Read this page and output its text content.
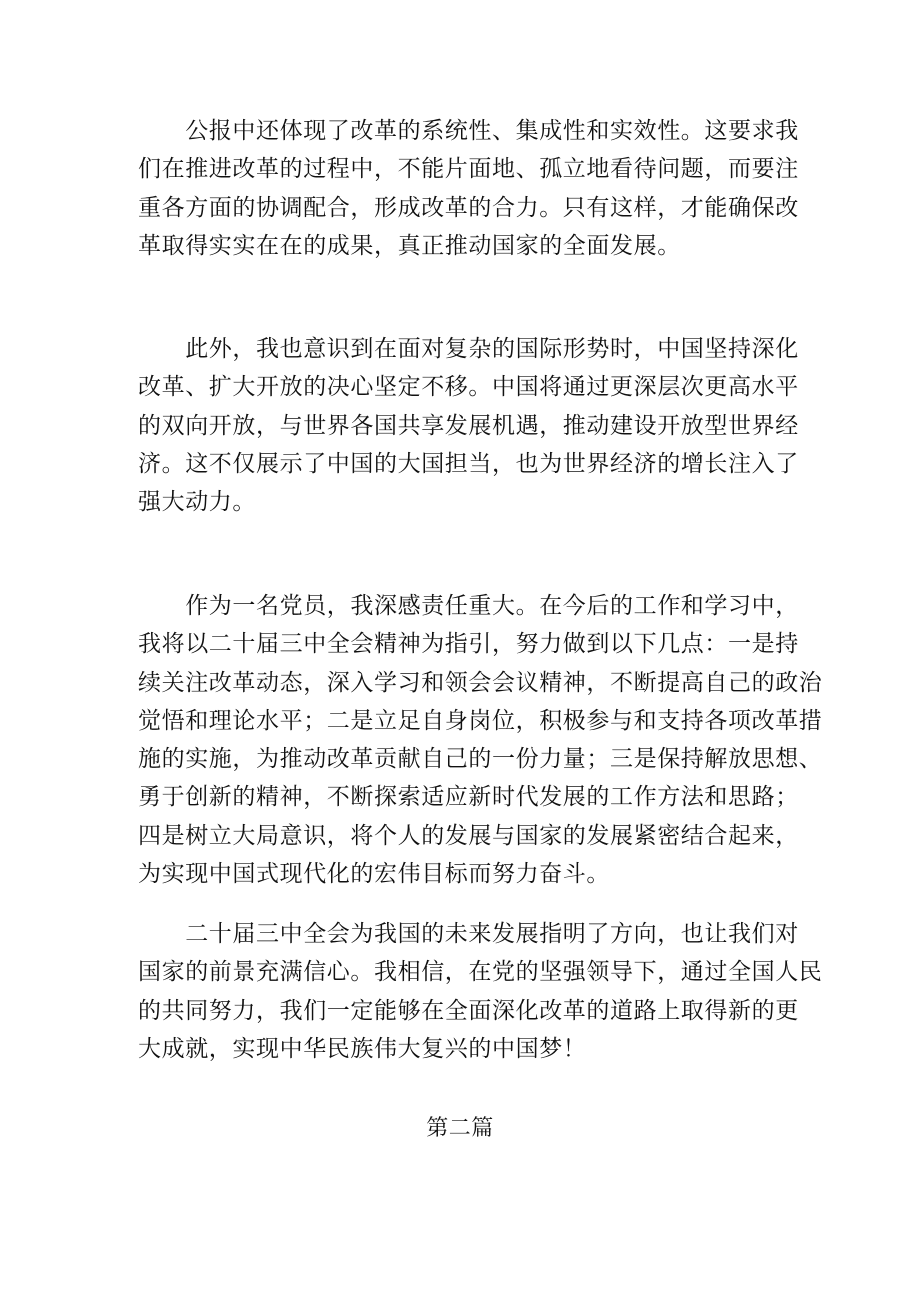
　　公报中还体现了改革的系统性、集成性和实效性。这要求我
们在推进改革的过程中，不能片面地、孤立地看待问题，而要注
重各方面的协调配合，形成改革的合力。只有这样，才能确保改
革取得实实在在的成果，真正推动国家的全面发展。
　　此外，我也意识到在面对复杂的国际形势时，中国坚持深化
改革、扩大开放的决心坚定不移。中国将通过更深层次更高水平
的双向开放，与世界各国共享发展机遇，推动建设开放型世界经
济。这不仅展示了中国的大国担当，也为世界经济的增长注入了
强大动力。
　　作为一名党员，我深感责任重大。在今后的工作和学习中，
我将以二十届三中全会精神为指引，努力做到以下几点：一是持
续关注改革动态，深入学习和领会会议精神，不断提高自己的政治
觉悟和理论水平；二是立足自身岗位，积极参与和支持各项改革措
施的实施，为推动改革贡献自己的一份力量；三是保持解放思想、
勇于创新的精神，不断探索适应新时代发展的工作方法和思路；
四是树立大局意识，将个人的发展与国家的发展紧密结合起来，
为实现中国式现代化的宏伟目标而努力奋斗。
　　二十届三中全会为我国的未来发展指明了方向，也让我们对
国家的前景充满信心。我相信，在党的坚强领导下，通过全国人民
的共同努力，我们一定能够在全面深化改革的道路上取得新的更
大成就，实现中华民族伟大复兴的中国梦！
第二篇
